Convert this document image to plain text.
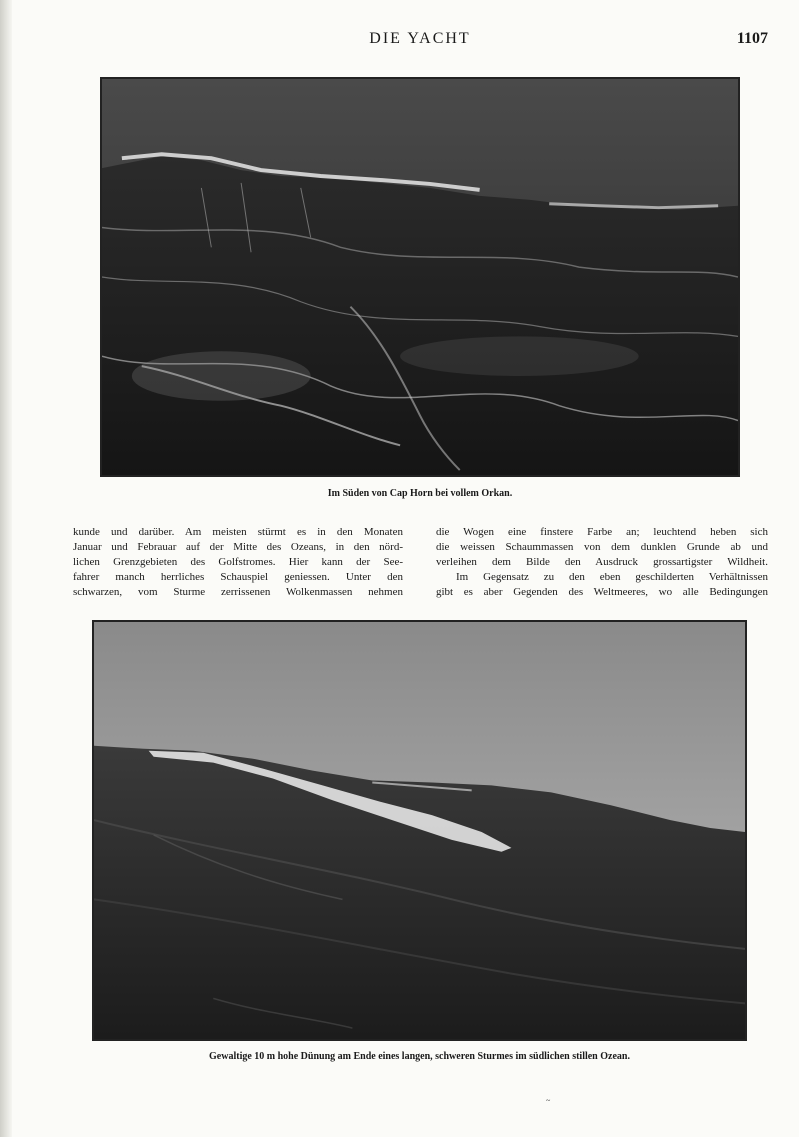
DIE YACHT	1107
Im Süden von Cap Horn bei vollem Orkan.
kunde und darüber. Am meisten stürmt es in den Monaten
Januar und Febrauar auf der Mitte des Ozeans, in den nörd-
lichen Grenzgebieten des Golfstromes. Hier kann der See-
fahrer manch herrliches Schauspiel geniessen. Unter den
schwarzen, vom Sturme zerrissenen Wolkenmassen nehmen
die Wogen eine finstere Farbe an; leuchtend heben sich
die weissen Schaummassen von dem dunklen Grunde ab und
verleihen dem Bilde den Ausdruck grossartigster Wildheit.
Im Gegensatz zu den eben geschilderten Verhältnissen
gibt es aber Gegenden des Weltmeeres, wo alle Bedingungen
Gewaltige 10 m hohe Dünung am Ende eines langen, schweren Sturmes im südlichen stillen Ozean.
~
